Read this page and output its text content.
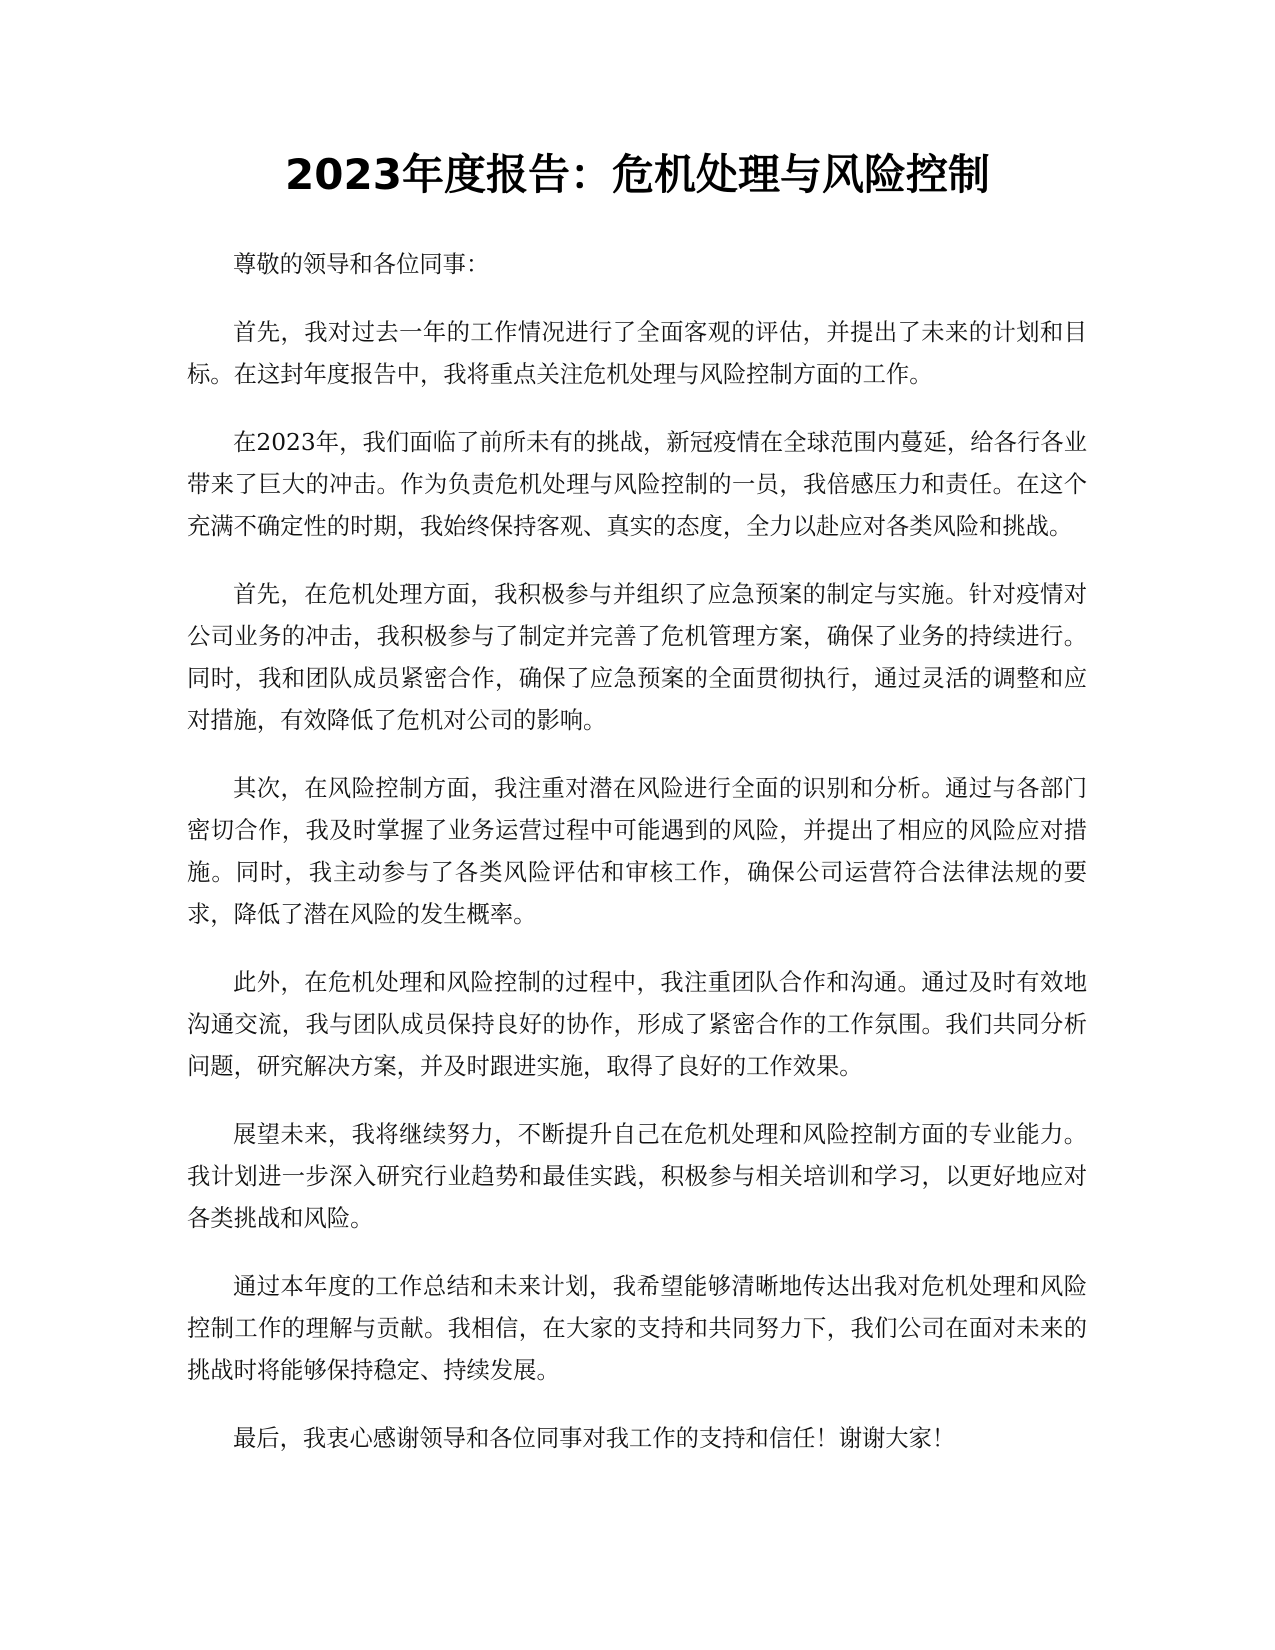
2023年度报告：危机处理与风险控制

尊敬的领导和各位同事：

首先，我对过去一年的工作情况进行了全面客观的评估，并提出了未来的计划和目标。在这封年度报告中，我将重点关注危机处理与风险控制方面的工作。

在2023年，我们面临了前所未有的挑战，新冠疫情在全球范围内蔓延，给各行各业带来了巨大的冲击。作为负责危机处理与风险控制的一员，我倍感压力和责任。在这个充满不确定性的时期，我始终保持客观、真实的态度，全力以赴应对各类风险和挑战。

首先，在危机处理方面，我积极参与并组织了应急预案的制定与实施。针对疫情对公司业务的冲击，我积极参与了制定并完善了危机管理方案，确保了业务的持续进行。同时，我和团队成员紧密合作，确保了应急预案的全面贯彻执行，通过灵活的调整和应对措施，有效降低了危机对公司的影响。

其次，在风险控制方面，我注重对潜在风险进行全面的识别和分析。通过与各部门密切合作，我及时掌握了业务运营过程中可能遇到的风险，并提出了相应的风险应对措施。同时，我主动参与了各类风险评估和审核工作，确保公司运营符合法律法规的要求，降低了潜在风险的发生概率。

此外，在危机处理和风险控制的过程中，我注重团队合作和沟通。通过及时有效地沟通交流，我与团队成员保持良好的协作，形成了紧密合作的工作氛围。我们共同分析问题，研究解决方案，并及时跟进实施，取得了良好的工作效果。

展望未来，我将继续努力，不断提升自己在危机处理和风险控制方面的专业能力。我计划进一步深入研究行业趋势和最佳实践，积极参与相关培训和学习，以更好地应对各类挑战和风险。

通过本年度的工作总结和未来计划，我希望能够清晰地传达出我对危机处理和风险控制工作的理解与贡献。我相信，在大家的支持和共同努力下，我们公司在面对未来的挑战时将能够保持稳定、持续发展。

最后，我衷心感谢领导和各位同事对我工作的支持和信任！谢谢大家！
